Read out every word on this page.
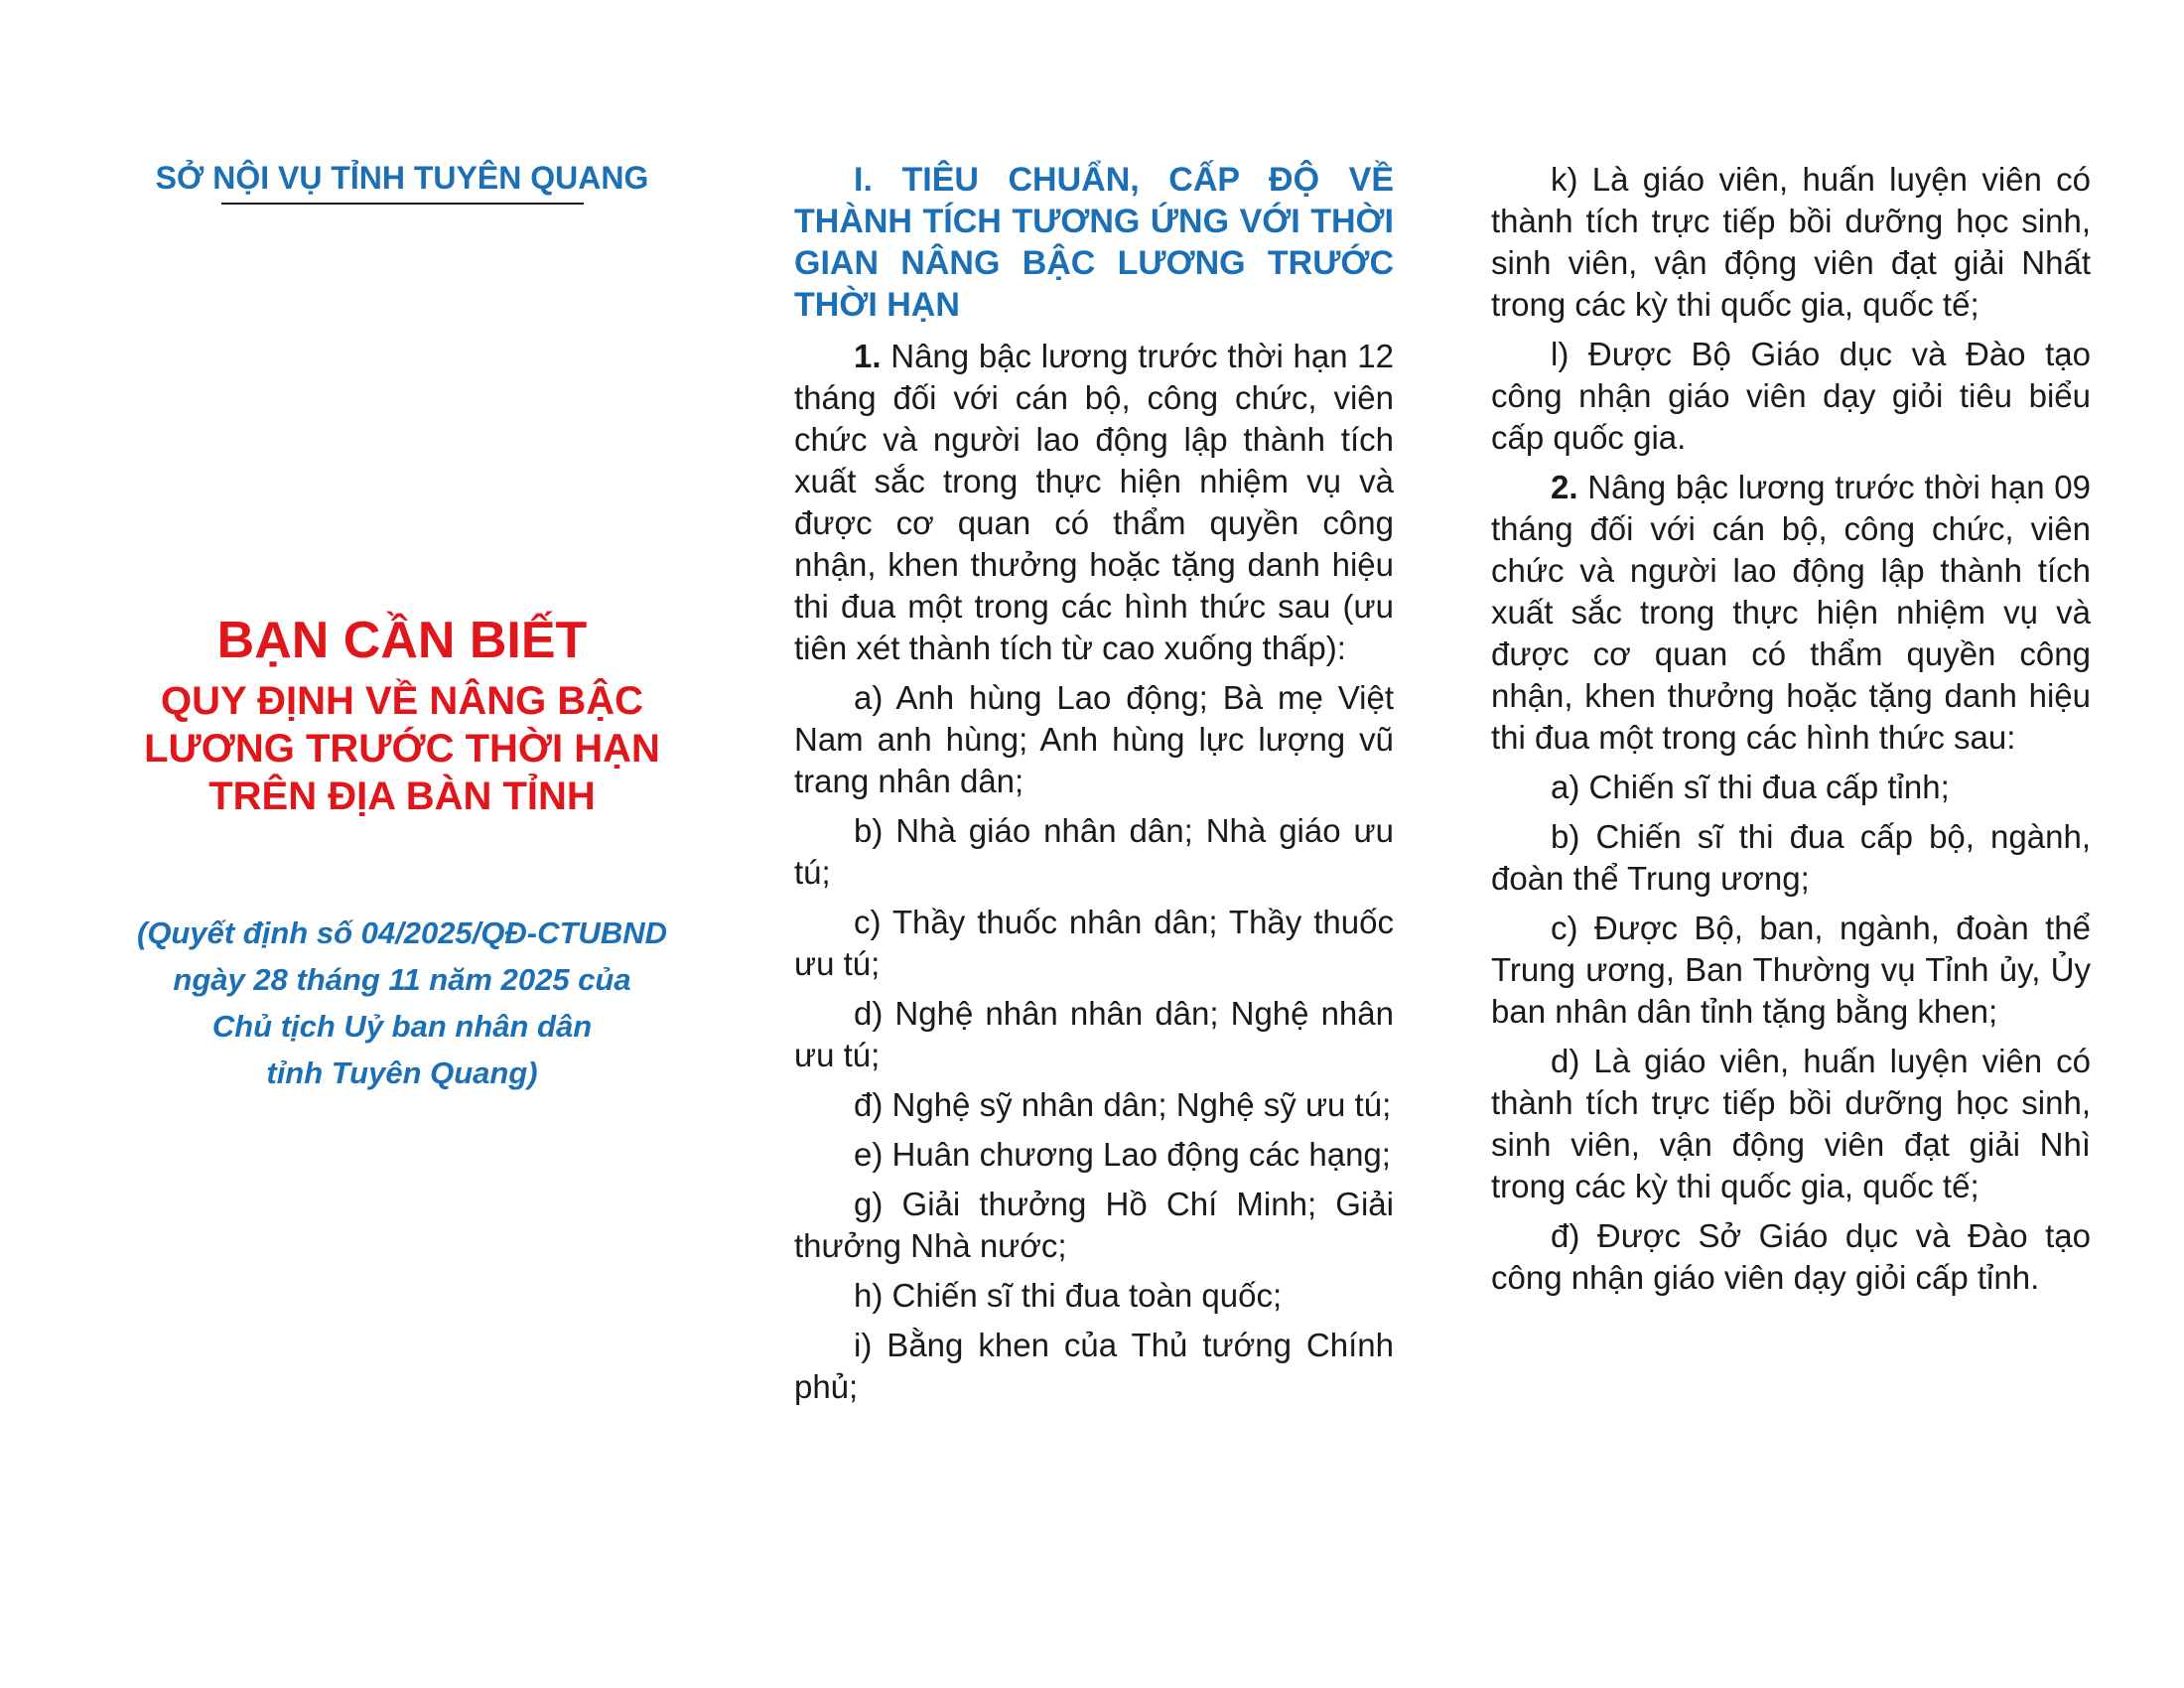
SỞ NỘI VỤ TỈNH TUYÊN QUANG

BẠN CẦN BIẾT

QUY ĐỊNH VỀ NÂNG BẬC
LƯƠNG TRƯỚC THỜI HẠN
TRÊN ĐỊA BÀN TỈNH
(Quyết định số 04/2025/QĐ-CTUBND
ngày 28 tháng 11 năm 2025 của
Chủ tịch Uỷ ban nhân dân
tỉnh Tuyên Quang)

I. TIÊU CHUẨN, CẤP ĐỘ VỀ THÀNH TÍCH TƯƠNG ỨNG VỚI THỜI GIAN NÂNG BẬC LƯƠNG TRƯỚC THỜI HẠN

1. Nâng bậc lương trước thời hạn 12 tháng đối với cán bộ, công chức, viên chức và người lao động lập thành tích xuất sắc trong thực hiện nhiệm vụ và được cơ quan có thẩm quyền công nhận, khen thưởng hoặc tặng danh hiệu thi đua một trong các hình thức sau (ưu tiên xét thành tích từ cao xuống thấp):

a) Anh hùng Lao động; Bà mẹ Việt Nam anh hùng; Anh hùng lực lượng vũ trang nhân dân;

b) Nhà giáo nhân dân; Nhà giáo ưu tú;

c) Thầy thuốc nhân dân; Thầy thuốc ưu tú;

d) Nghệ nhân nhân dân; Nghệ nhân ưu tú;

đ) Nghệ sỹ nhân dân; Nghệ sỹ ưu tú;

e) Huân chương Lao động các hạng;

g) Giải thưởng Hồ Chí Minh; Giải thưởng Nhà nước;

h) Chiến sĩ thi đua toàn quốc;

i) Bằng khen của Thủ tướng Chính phủ;

k) Là giáo viên, huấn luyện viên có thành tích trực tiếp bồi dưỡng học sinh, sinh viên, vận động viên đạt giải Nhất trong các kỳ thi quốc gia, quốc tế;

l) Được Bộ Giáo dục và Đào tạo công nhận giáo viên dạy giỏi tiêu biểu cấp quốc gia.

2. Nâng bậc lương trước thời hạn 09 tháng đối với cán bộ, công chức, viên chức và người lao động lập thành tích xuất sắc trong thực hiện nhiệm vụ và được cơ quan có thẩm quyền công nhận, khen thưởng hoặc tặng danh hiệu thi đua một trong các hình thức sau:

a) Chiến sĩ thi đua cấp tỉnh;

b) Chiến sĩ thi đua cấp bộ, ngành, đoàn thể Trung ương;

c) Được Bộ, ban, ngành, đoàn thể Trung ương, Ban Thường vụ Tỉnh ủy, Ủy ban nhân dân tỉnh tặng bằng khen;

d) Là giáo viên, huấn luyện viên có thành tích trực tiếp bồi dưỡng học sinh, sinh viên, vận động viên đạt giải Nhì trong các kỳ thi quốc gia, quốc tế;

đ) Được Sở Giáo dục và Đào tạo công nhận giáo viên dạy giỏi cấp tỉnh.
